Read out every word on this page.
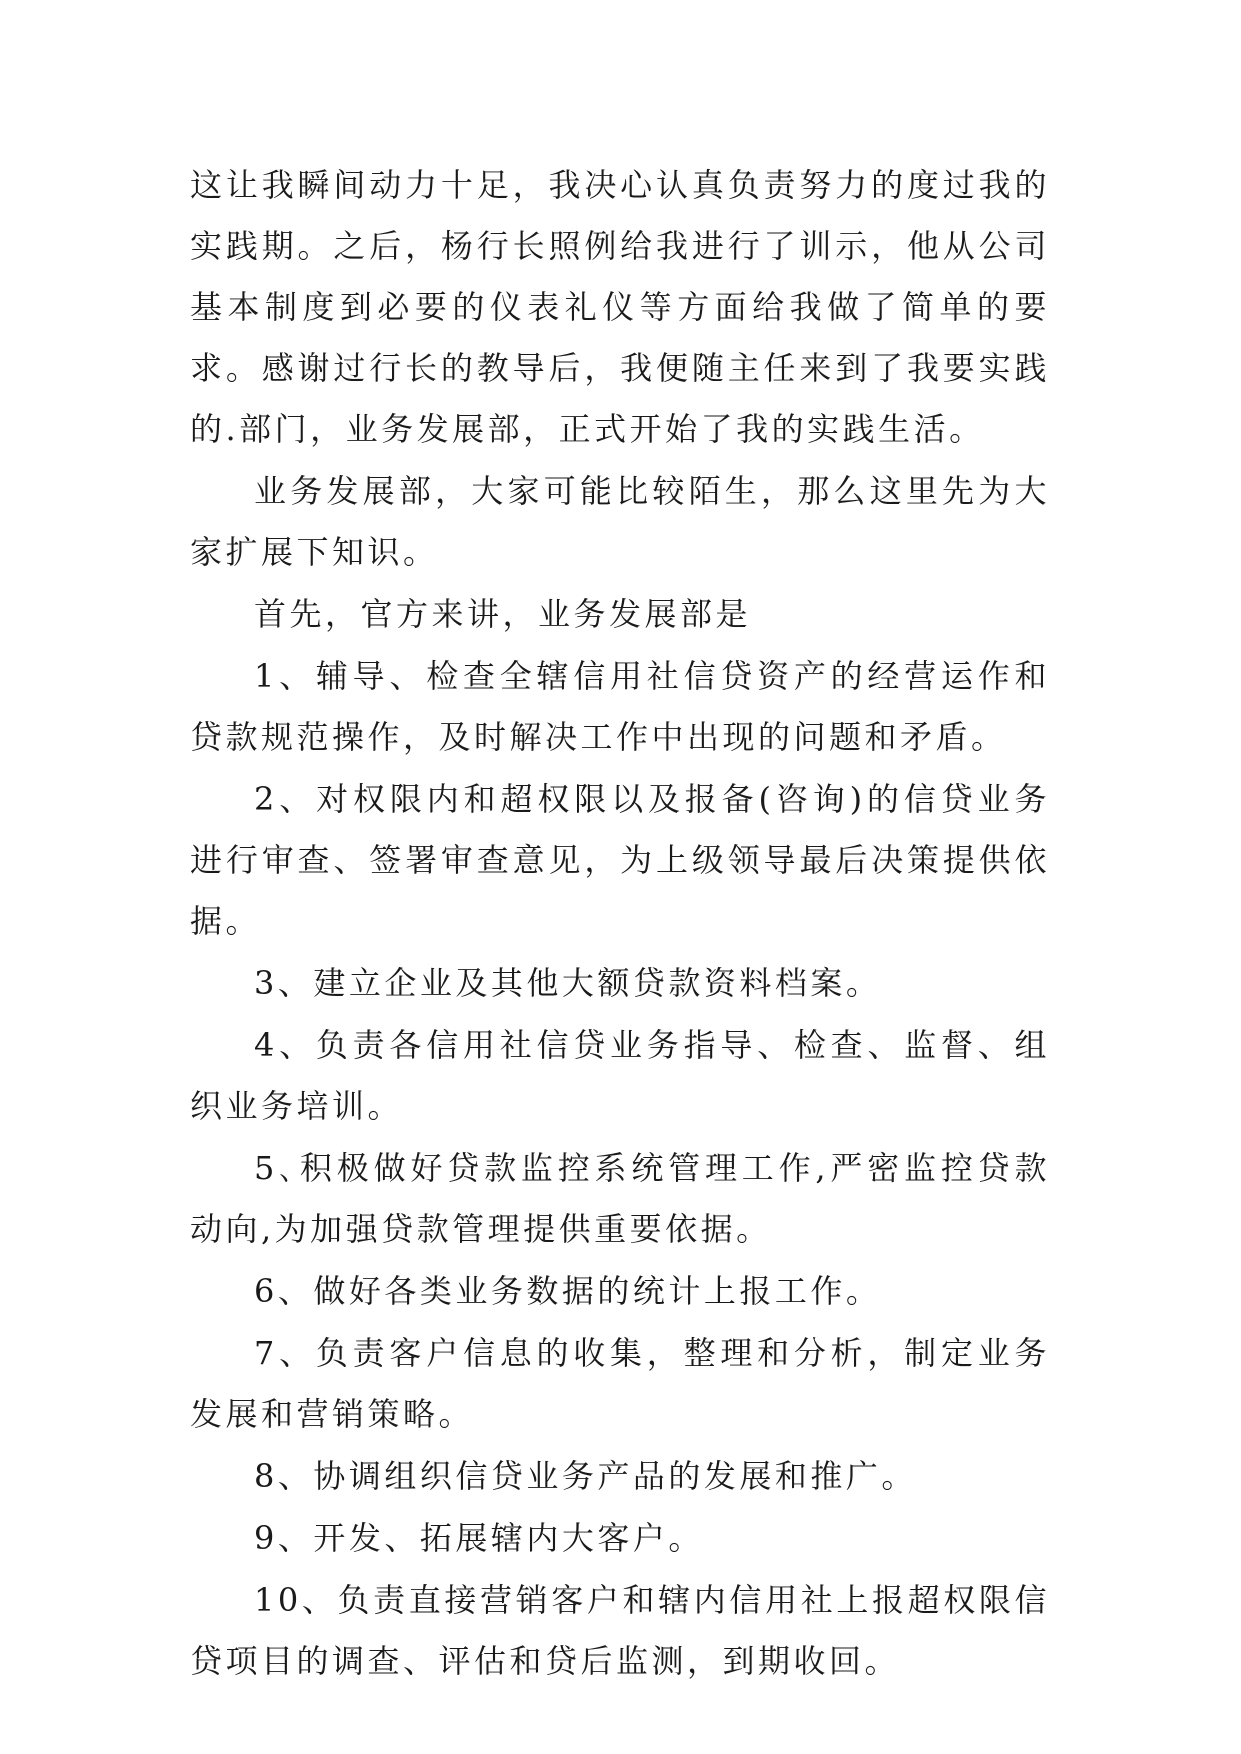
这让我瞬间动力十足，我决心认真负责努力的度过我的实践期。之后，杨行长照例给我进行了训示，他从公司基本制度到必要的仪表礼仪等方面给我做了简单的要求。感谢过行长的教导后，我便随主任来到了我要实践的.部门，业务发展部，正式开始了我的实践生活。

业务发展部，大家可能比较陌生，那么这里先为大家扩展下知识。

首先，官方来讲，业务发展部是

1、辅导、检查全辖信用社信贷资产的经营运作和贷款规范操作，及时解决工作中出现的问题和矛盾。

2、对权限内和超权限以及报备(咨询)的信贷业务进行审查、签署审查意见，为上级领导最后决策提供依据。

3、建立企业及其他大额贷款资料档案。

4、负责各信用社信贷业务指导、检查、监督、组织业务培训。

5､积极做好贷款监控系统管理工作,严密监控贷款动向,为加强贷款管理提供重要依据。

6、做好各类业务数据的统计上报工作。

7、负责客户信息的收集，整理和分析，制定业务发展和营销策略。

8、协调组织信贷业务产品的发展和推广。

9、开发、拓展辖内大客户。

10、负责直接营销客户和辖内信用社上报超权限信贷项目的调查、评估和贷后监测，到期收回。
